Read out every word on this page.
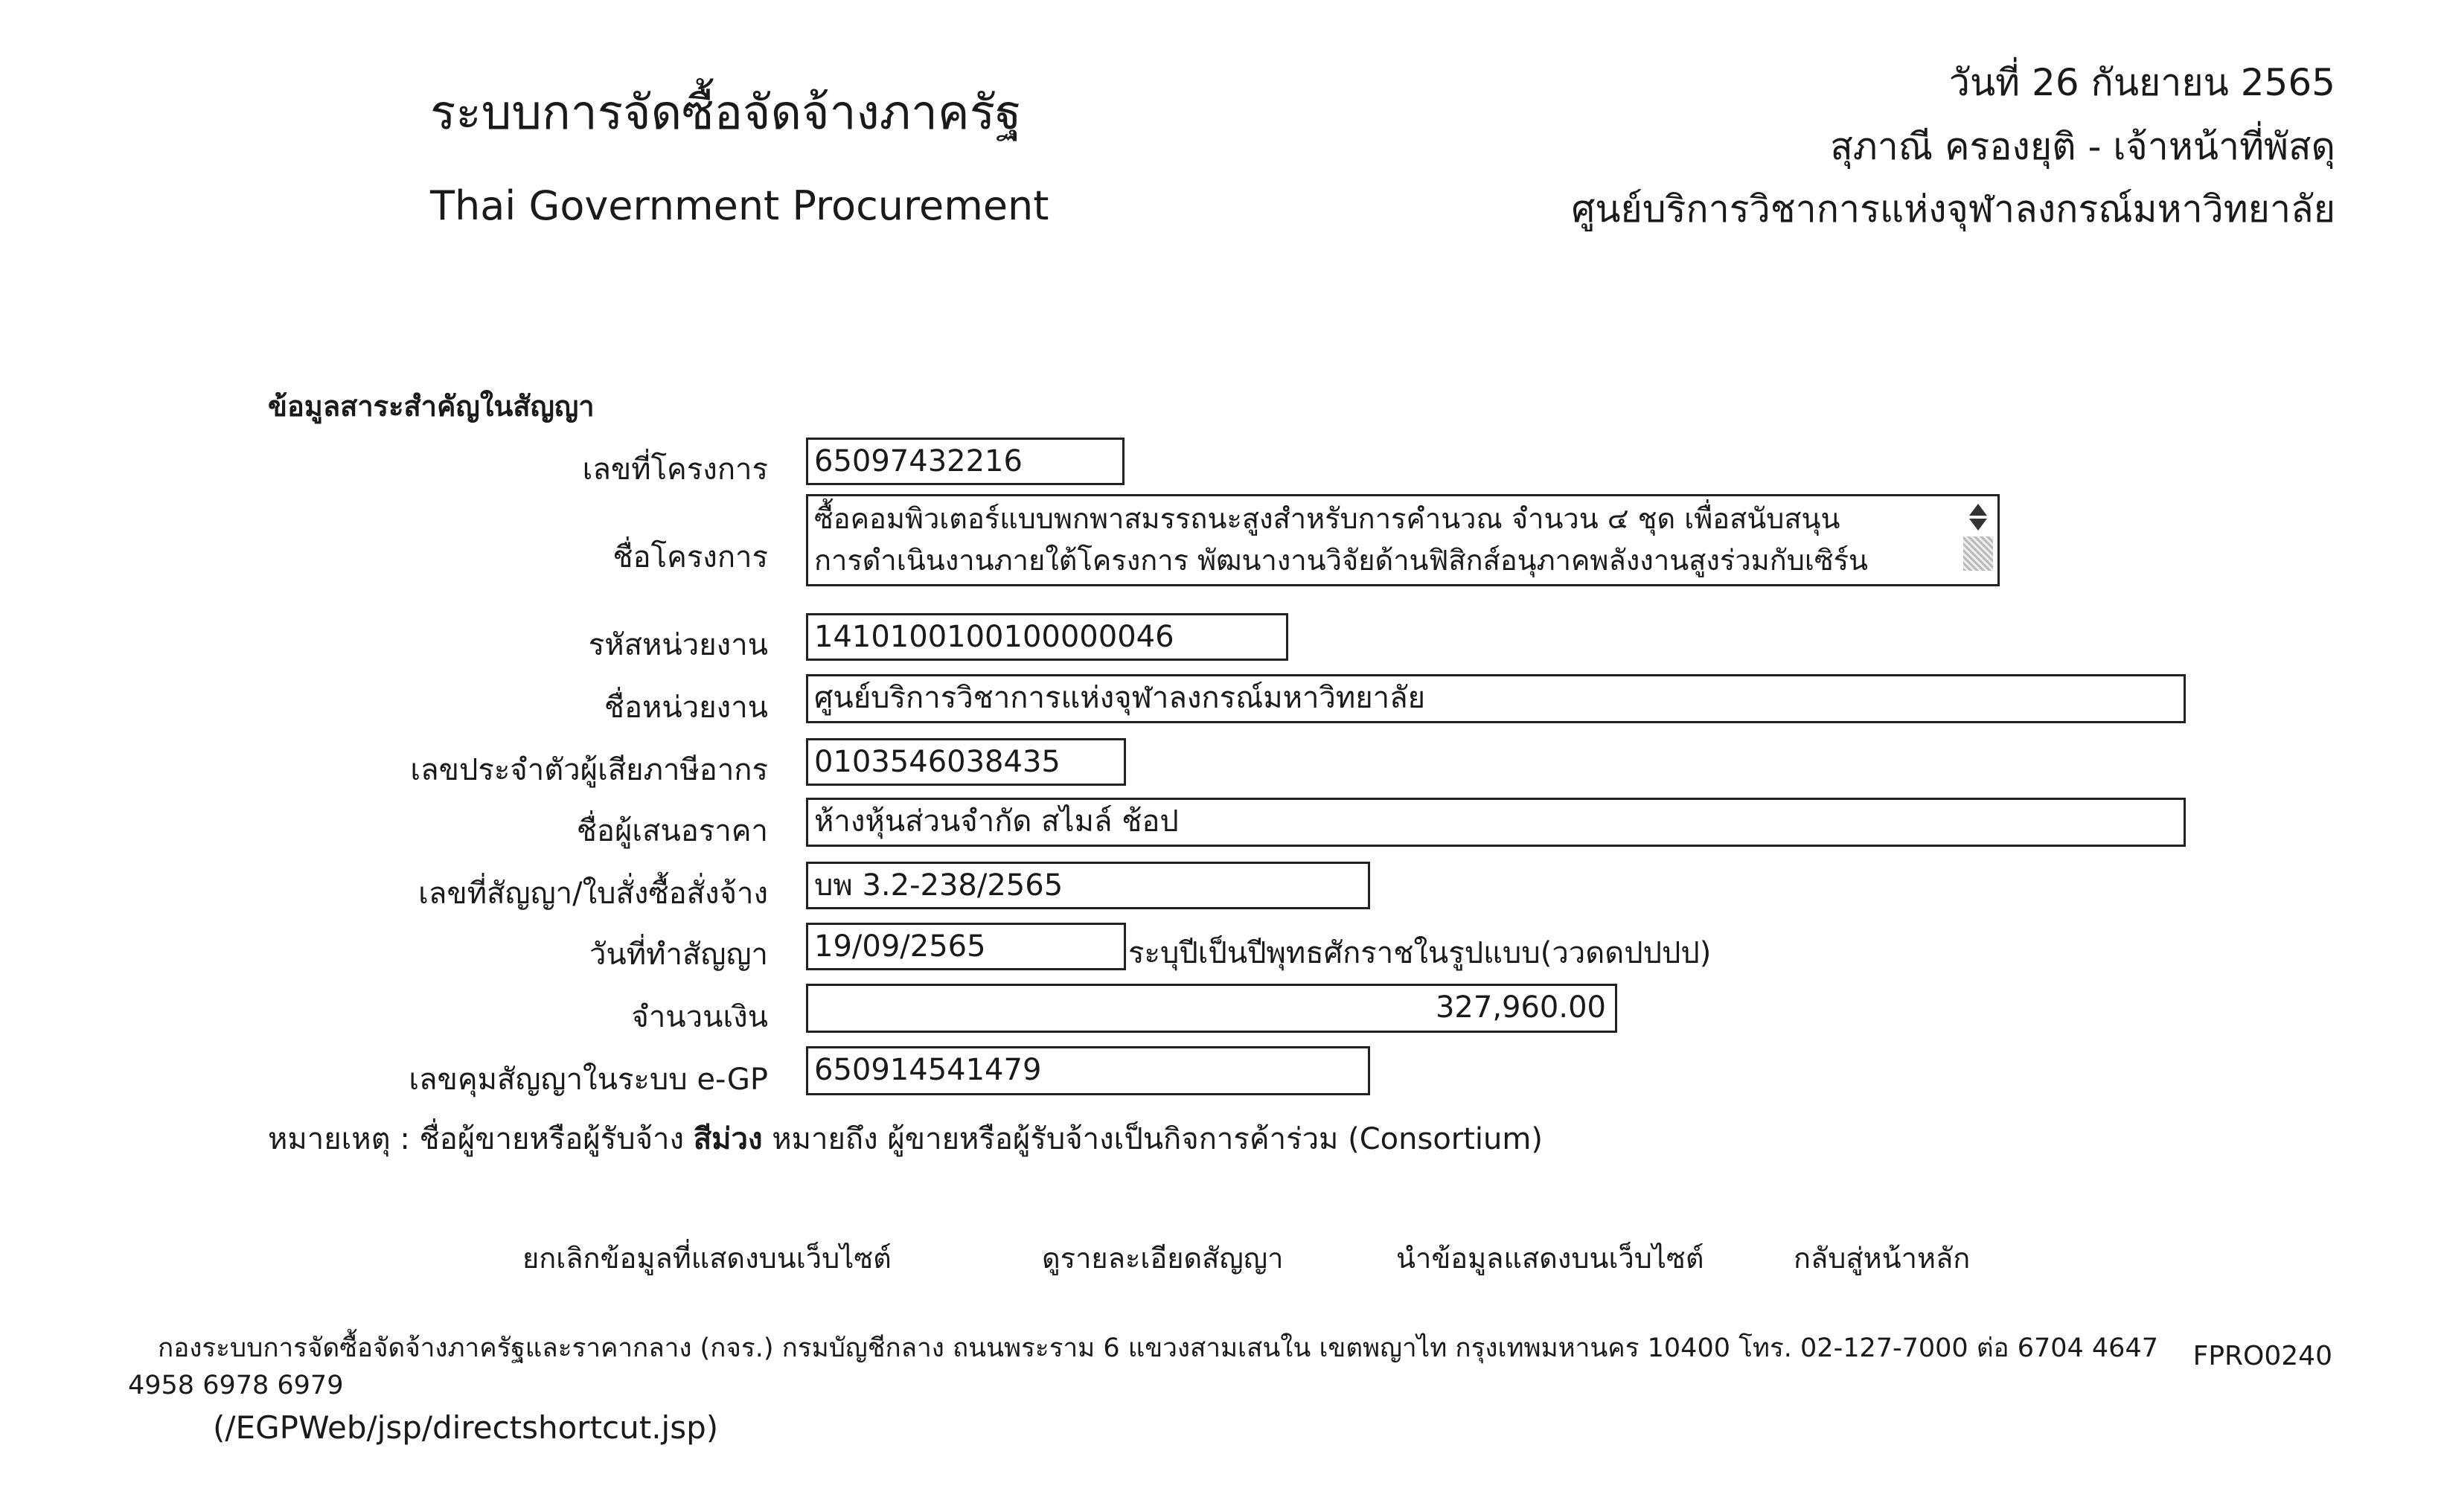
ระบบการจัดซื้อจัดจ้างภาครัฐ
Thai Government Procurement
วันที่ 26 กันยายน 2565
สุภาณี ครองยุติ - เจ้าหน้าที่พัสดุ
ศูนย์บริการวิชาการแห่งจุฬาลงกรณ์มหาวิทยาลัย
ข้อมูลสาระสำคัญในสัญญา
เลขที่โครงการ 65097432216
ชื่อโครงการ
ซื้อคอมพิวเตอร์แบบพกพาสมรรถนะสูงสำหรับการคำนวณ จำนวน ๔ ชุด เพื่อสนับสนุน
การดำเนินงานภายใต้โครงการ พัฒนางานวิจัยด้านฟิสิกส์อนุภาคพลังงานสูงร่วมกับเซิร์น
รหัสหน่วยงาน 1410100100100000046
ชื่อหน่วยงาน ศูนย์บริการวิชาการแห่งจุฬาลงกรณ์มหาวิทยาลัย
เลขประจำตัวผู้เสียภาษีอากร 0103546038435
ชื่อผู้เสนอราคา ห้างหุ้นส่วนจำกัด สไมล์ ช้อป
เลขที่สัญญา/ใบสั่งซื้อสั่งจ้าง บพ 3.2-238/2565
วันที่ทำสัญญา 19/09/2565	ระบุปีเป็นปีพุทธศักราชในรูปแบบ(ววดดปปปป)
จำนวนเงิน	327,960.00
เลขคุมสัญญาในระบบ e-GP 650914541479
หมายเหตุ : ชื่อผู้ขายหรือผู้รับจ้าง สีม่วง หมายถึง ผู้ขายหรือผู้รับจ้างเป็นกิจการค้าร่วม (Consortium)
ยกเลิกข้อมูลที่แสดงบนเว็บไซต์	ดูรายละเอียดสัญญา	นำข้อมูลแสดงบนเว็บไซต์	กลับสู่หน้าหลัก
กองระบบการจัดซื้อจัดจ้างภาครัฐและราคากลาง (กจร.) กรมบัญชีกลาง ถนนพระราม 6 แขวงสามเสนใน เขตพญาไท กรุงเทพมหานคร 10400 โทร. 02-127-7000 ต่อ 6704 4647
4958 6978 6979
(/EGPWeb/jsp/directshortcut.jsp)
FPRO0240
